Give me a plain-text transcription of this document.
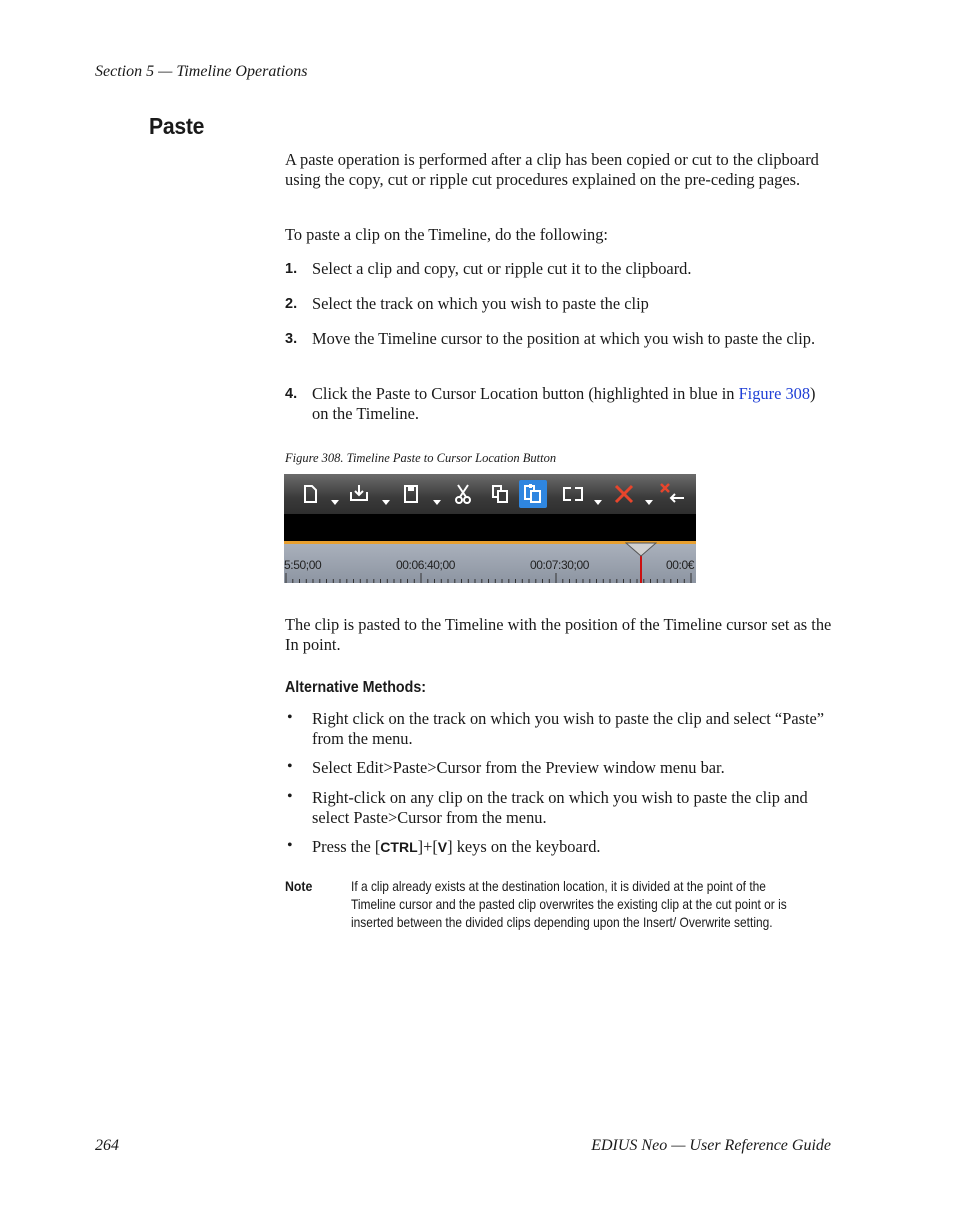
Section 5 — Timeline Operations
Paste

A paste operation is performed after a clip has been copied or cut to the clipboard using the copy, cut or ripple cut procedures explained on the pre-ceding pages.

To paste a clip on the Timeline, do the following:

1. Select a clip and copy, cut or ripple cut it to the clipboard.
2. Select the track on which you wish to paste the clip
3. Move the Timeline cursor to the position at which you wish to paste the clip.
4. Click the Paste to Cursor Location button (highlighted in blue in Figure 308) on the Timeline.
Figure 308. Timeline Paste to Cursor Location Button
5:50;00	00:06:40;00	00:07:30;00	00:0€

The clip is pasted to the Timeline with the position of the Timeline cursor set as the In point.

Alternative Methods:
• Right click on the track on which you wish to paste the clip and select “Paste” from the menu.
• Select Edit>Paste>Cursor from the Preview window menu bar.
• Right-click on any clip on the track on which you wish to paste the clip and select Paste>Cursor from the menu.
• Press the [CTRL]+[V] keys on the keyboard.
Note	If a clip already exists at the destination location, it is divided at the point of the Timeline cursor and the pasted clip overwrites the existing clip at the cut point or is inserted between the divided clips depending upon the Insert/ Overwrite setting.
264	EDIUS Neo — User Reference Guide
